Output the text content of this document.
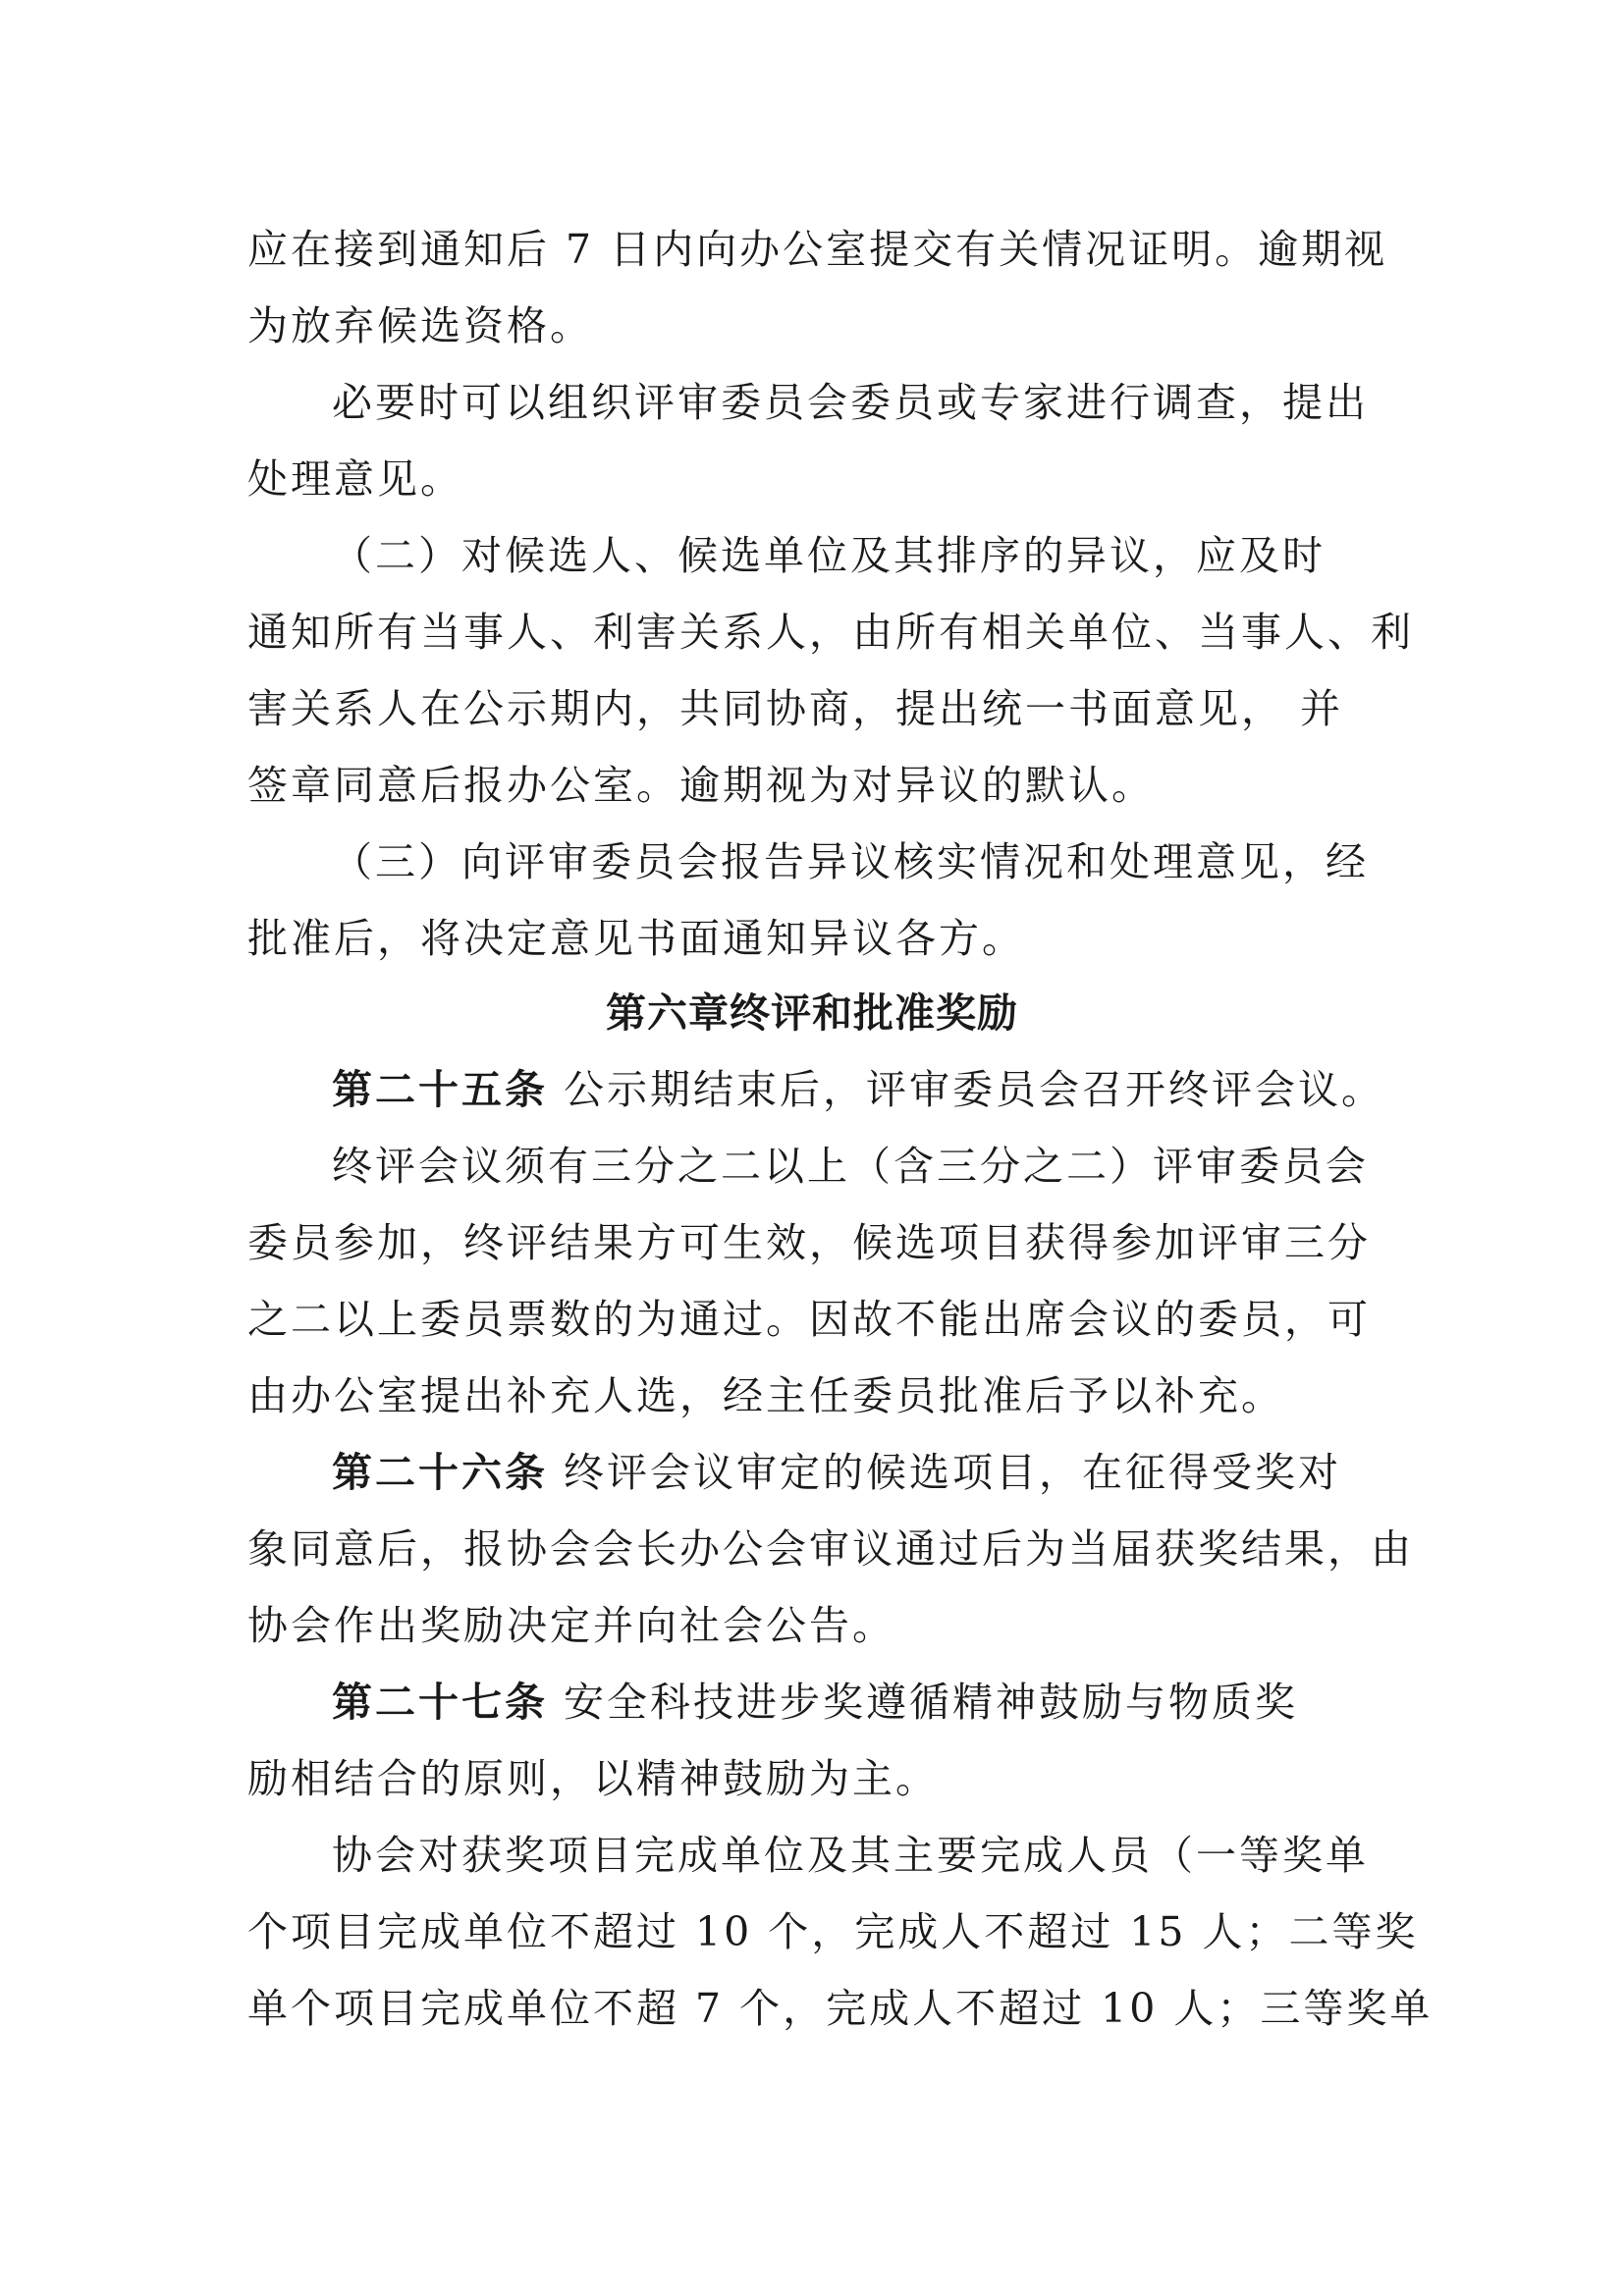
应在接到通知后 7 日内向办公室提交有关情况证明。逾期视
为放弃候选资格。
必要时可以组织评审委员会委员或专家进行调查，提出
处理意见。
（二）对候选人、候选单位及其排序的异议，应及时
通知所有当事人、利害关系人，由所有相关单位、当事人、利
害关系人在公示期内，共同协商，提出统一书面意见， 并
签章同意后报办公室。逾期视为对异议的默认。
（三）向评审委员会报告异议核实情况和处理意见，经
批准后，将决定意见书面通知异议各方。
第六章终评和批准奖励
第二十五条 公示期结束后，评审委员会召开终评会议。
终评会议须有三分之二以上（含三分之二）评审委员会
委员参加，终评结果方可生效，候选项目获得参加评审三分
之二以上委员票数的为通过。因故不能出席会议的委员，可
由办公室提出补充人选，经主任委员批准后予以补充。
第二十六条 终评会议审定的候选项目，在征得受奖对
象同意后，报协会会长办公会审议通过后为当届获奖结果，由
协会作出奖励决定并向社会公告。
第二十七条 安全科技进步奖遵循精神鼓励与物质奖
励相结合的原则，以精神鼓励为主。
协会对获奖项目完成单位及其主要完成人员（一等奖单
个项目完成单位不超过 10 个，完成人不超过 15 人；二等奖
单个项目完成单位不超 7 个，完成人不超过 10 人；三等奖单
